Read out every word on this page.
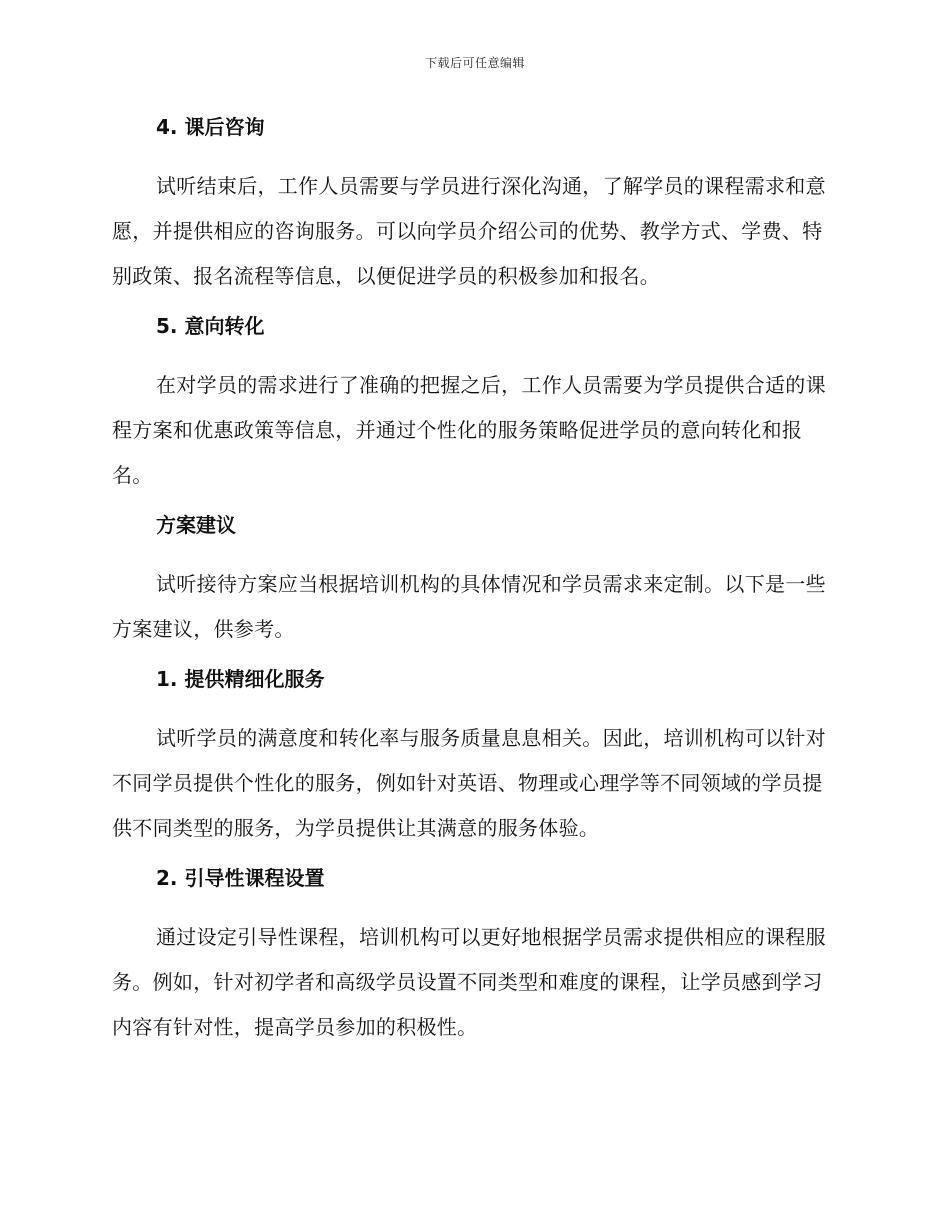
下载后可任意编辑
4. 课后咨询

试听结束后，工作人员需要与学员进行深化沟通，了解学员的课程需求和意愿，并提供相应的咨询服务。可以向学员介绍公司的优势、教学方式、学费、特别政策、报名流程等信息，以便促进学员的积极参加和报名。

5. 意向转化

在对学员的需求进行了准确的把握之后，工作人员需要为学员提供合适的课程方案和优惠政策等信息，并通过个性化的服务策略促进学员的意向转化和报名。

方案建议

试听接待方案应当根据培训机构的具体情况和学员需求来定制。以下是一些方案建议，供参考。

1. 提供精细化服务

试听学员的满意度和转化率与服务质量息息相关。因此，培训机构可以针对不同学员提供个性化的服务，例如针对英语、物理或心理学等不同领域的学员提供不同类型的服务，为学员提供让其满意的服务体验。

2. 引导性课程设置

通过设定引导性课程，培训机构可以更好地根据学员需求提供相应的课程服务。例如，针对初学者和高级学员设置不同类型和难度的课程，让学员感到学习内容有针对性，提高学员参加的积极性。
